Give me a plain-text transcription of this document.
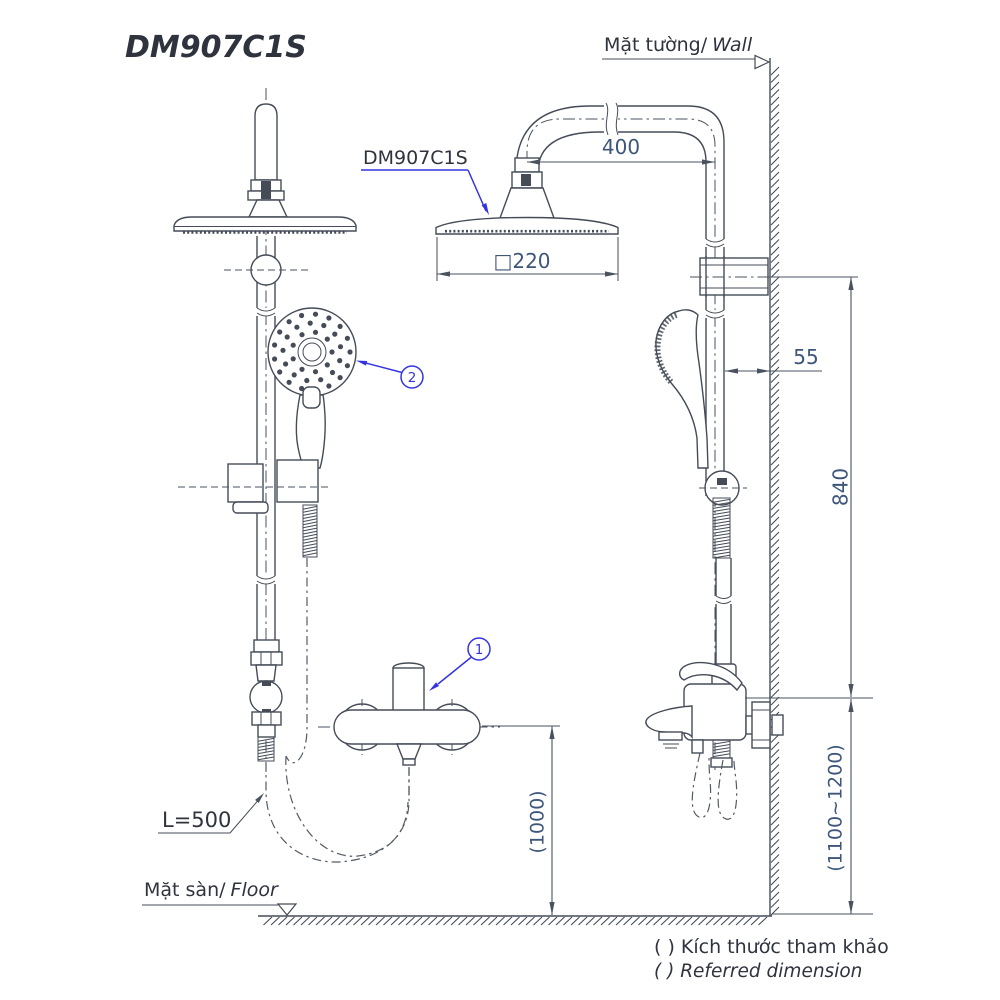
400
□220
55
840
(1100~1200)
(1000)
DM907C1S	Mặt tường/ Wall
Mặt sàn/ Floor
DM907C1S
L=500
1
2
( ) Kích thước tham khảo
( ) Referred dimension
